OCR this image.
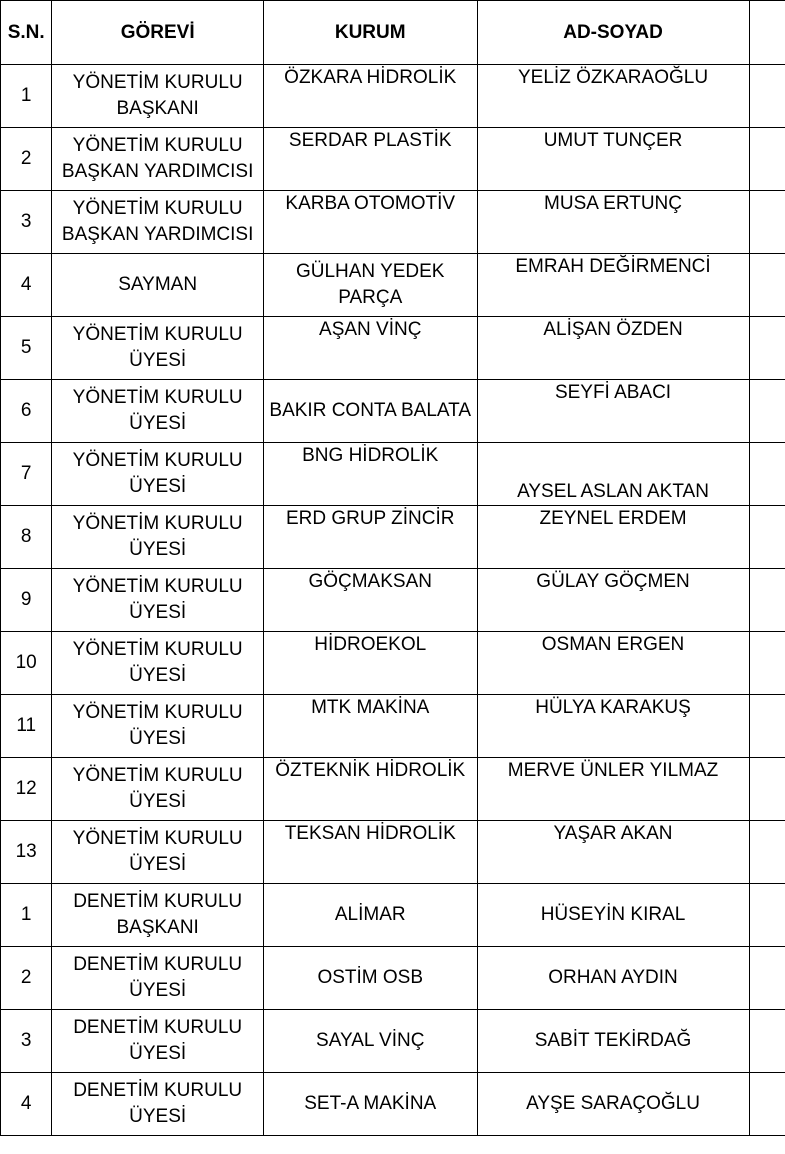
S.N.	GÖREVİ	KURUM	AD-SOYAD	
1	YÖNETİM KURULU BAŞKANI	ÖZKARA HİDROLİK	YELİZ ÖZKARAOĞLU	
2	YÖNETİM KURULU BAŞKAN YARDIMCISI	SERDAR PLASTİK	UMUT TUNÇER	
3	YÖNETİM KURULU BAŞKAN YARDIMCISI	KARBA OTOMOTİV	MUSA ERTUNÇ	
4	SAYMAN	GÜLHAN YEDEK PARÇA	EMRAH DEĞİRMENCİ	
5	YÖNETİM KURULU ÜYESİ	AŞAN VİNÇ	ALİŞAN ÖZDEN	
6	YÖNETİM KURULU ÜYESİ	BAKIR CONTA BALATA	SEYFİ ABACI	
7	YÖNETİM KURULU ÜYESİ	BNG HİDROLİK	AYSEL ASLAN AKTAN	
8	YÖNETİM KURULU ÜYESİ	ERD GRUP ZİNCİR	ZEYNEL ERDEM	
9	YÖNETİM KURULU ÜYESİ	GÖÇMAKSAN	GÜLAY GÖÇMEN	
10	YÖNETİM KURULU ÜYESİ	HİDROEKOL	OSMAN ERGEN	
11	YÖNETİM KURULU ÜYESİ	MTK MAKİNA	HÜLYA KARAKUŞ	
12	YÖNETİM KURULU ÜYESİ	ÖZTEKNİK HİDROLİK	MERVE ÜNLER YILMAZ	
13	YÖNETİM KURULU ÜYESİ	TEKSAN HİDROLİK	YAŞAR AKAN	
1	DENETİM KURULU BAŞKANI	ALİMAR	HÜSEYİN KIRAL	
2	DENETİM KURULU ÜYESİ	OSTİM OSB	ORHAN AYDIN	
3	DENETİM KURULU ÜYESİ	SAYAL VİNÇ	SABİT TEKİRDAĞ	
4	DENETİM KURULU ÜYESİ	SET-A MAKİNA	AYŞE SARAÇOĞLU	
